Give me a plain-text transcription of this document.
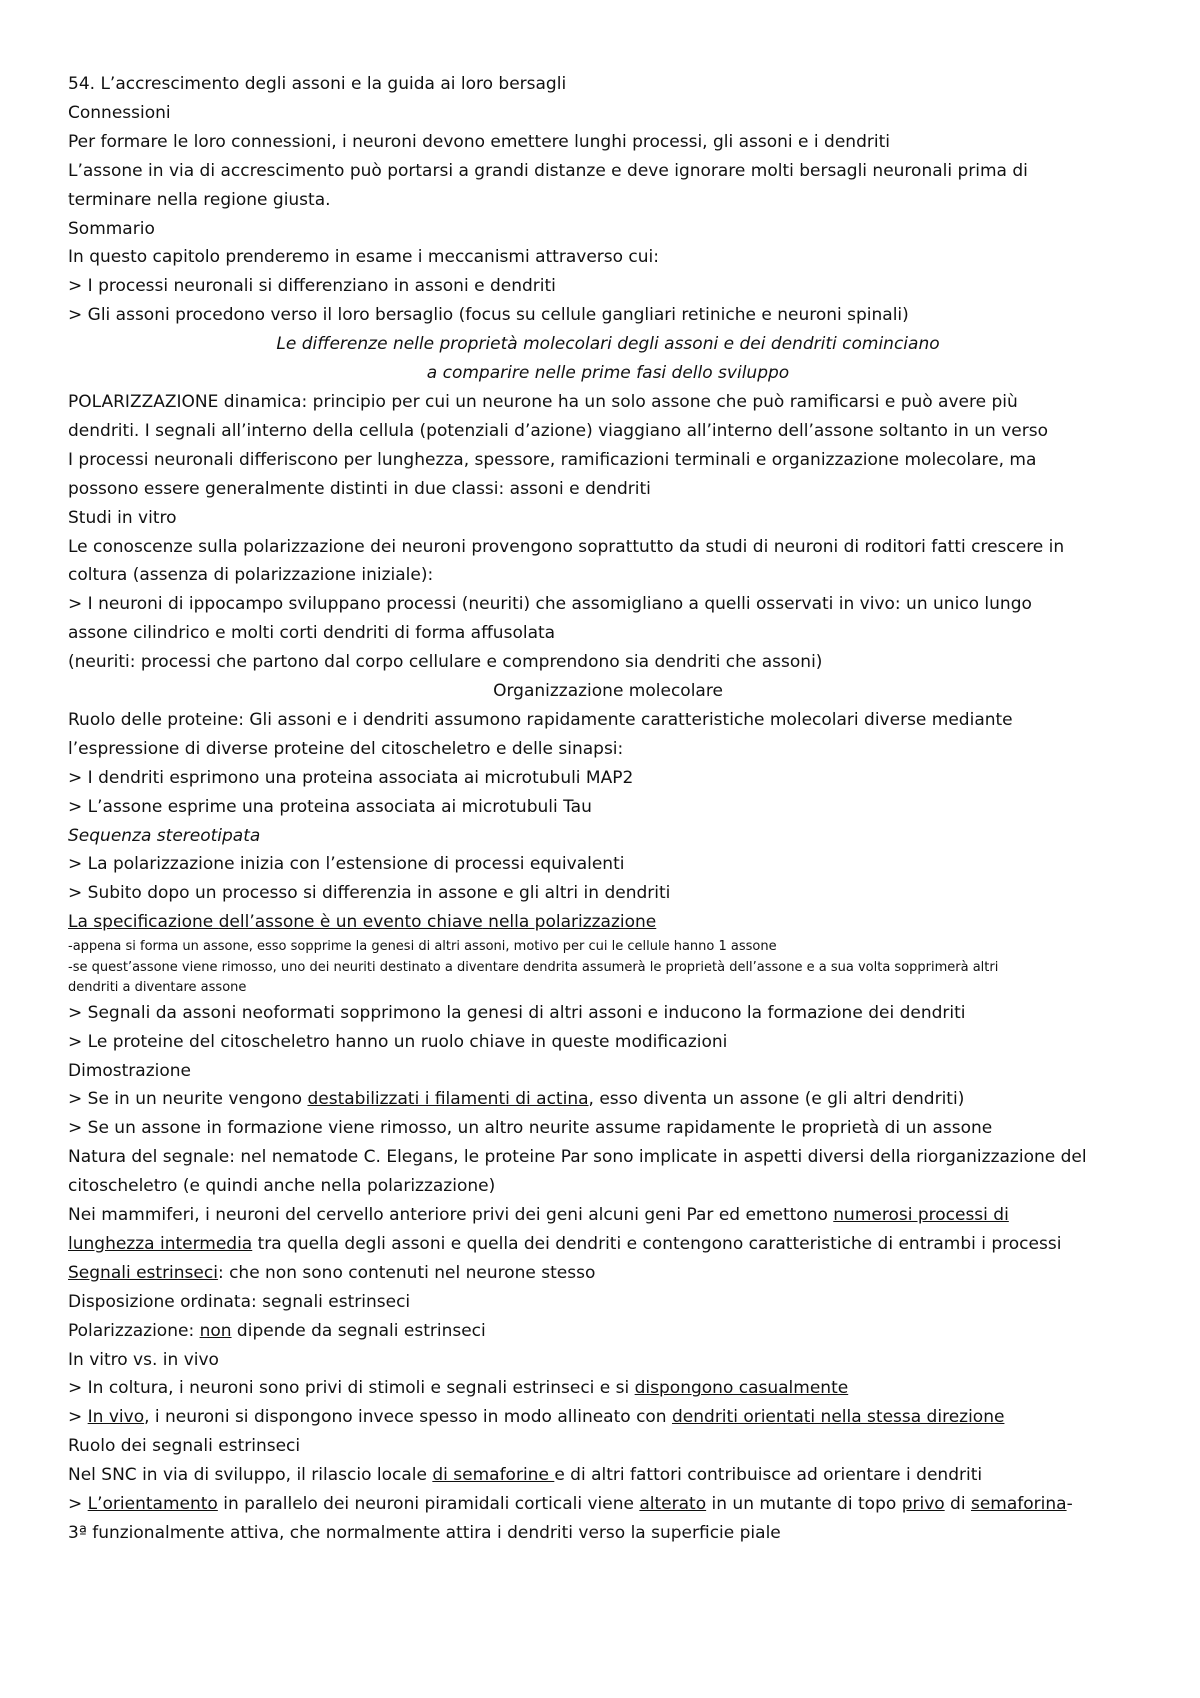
54. L’accrescimento degli assoni e la guida ai loro bersagli
Connessioni
Per formare le loro connessioni, i neuroni devono emettere lunghi processi, gli assoni e i dendriti
L’assone in via di accrescimento può portarsi a grandi distanze e deve ignorare molti bersagli neuronali prima di
terminare nella regione giusta.
Sommario
In questo capitolo prenderemo in esame i meccanismi attraverso cui:
> I processi neuronali si differenziano in assoni e dendriti
> Gli assoni procedono verso il loro bersaglio (focus su cellule gangliari retiniche e neuroni spinali)
Le differenze nelle proprietà molecolari degli assoni e dei dendriti cominciano
a comparire nelle prime fasi dello sviluppo
POLARIZZAZIONE dinamica: principio per cui un neurone ha un solo assone che può ramificarsi e può avere più
dendriti. I segnali all’interno della cellula (potenziali d’azione) viaggiano all’interno dell’assone soltanto in un verso
I processi neuronali differiscono per lunghezza, spessore, ramificazioni terminali e organizzazione molecolare, ma
possono essere generalmente distinti in due classi: assoni e dendriti
Studi in vitro
Le conoscenze sulla polarizzazione dei neuroni provengono soprattutto da studi di neuroni di roditori fatti crescere in
coltura (assenza di polarizzazione iniziale):
> I neuroni di ippocampo sviluppano processi (neuriti) che assomigliano a quelli osservati in vivo: un unico lungo
assone cilindrico e molti corti dendriti di forma affusolata
(neuriti: processi che partono dal corpo cellulare e comprendono sia dendriti che assoni)
Organizzazione molecolare
Ruolo delle proteine: Gli assoni e i dendriti assumono rapidamente caratteristiche molecolari diverse mediante
l’espressione di diverse proteine del citoscheletro e delle sinapsi:
> I dendriti esprimono una proteina associata ai microtubuli MAP2
> L’assone esprime una proteina associata ai microtubuli Tau
Sequenza stereotipata
> La polarizzazione inizia con l’estensione di processi equivalenti
> Subito dopo un processo si differenzia in assone e gli altri in dendriti
La specificazione dell’assone è un evento chiave nella polarizzazione
-appena si forma un assone, esso sopprime la genesi di altri assoni, motivo per cui le cellule hanno 1 assone
-se quest’assone viene rimosso, uno dei neuriti destinato a diventare dendrita assumerà le proprietà dell’assone e a sua volta sopprimerà altri
dendriti a diventare assone
> Segnali da assoni neoformati sopprimono la genesi di altri assoni e inducono la formazione dei dendriti
> Le proteine del citoscheletro hanno un ruolo chiave in queste modificazioni
Dimostrazione
> Se in un neurite vengono destabilizzati i filamenti di actina, esso diventa un assone (e gli altri dendriti)
> Se un assone in formazione viene rimosso, un altro neurite assume rapidamente le proprietà di un assone
Natura del segnale: nel nematode C. Elegans, le proteine Par sono implicate in aspetti diversi della riorganizzazione del
citoscheletro (e quindi anche nella polarizzazione)
Nei mammiferi, i neuroni del cervello anteriore privi dei geni alcuni geni Par ed emettono numerosi processi di
lunghezza intermedia tra quella degli assoni e quella dei dendriti e contengono caratteristiche di entrambi i processi
Segnali estrinseci: che non sono contenuti nel neurone stesso
Disposizione ordinata: segnali estrinseci
Polarizzazione: non dipende da segnali estrinseci
In vitro vs. in vivo
> In coltura, i neuroni sono privi di stimoli e segnali estrinseci e si dispongono casualmente
> In vivo, i neuroni si dispongono invece spesso in modo allineato con dendriti orientati nella stessa direzione
Ruolo dei segnali estrinseci
Nel SNC in via di sviluppo, il rilascio locale di semaforine e di altri fattori contribuisce ad orientare i dendriti
> L’orientamento in parallelo dei neuroni piramidali corticali viene alterato in un mutante di topo privo di semaforina-
3ª funzionalmente attiva, che normalmente attira i dendriti verso la superficie piale
